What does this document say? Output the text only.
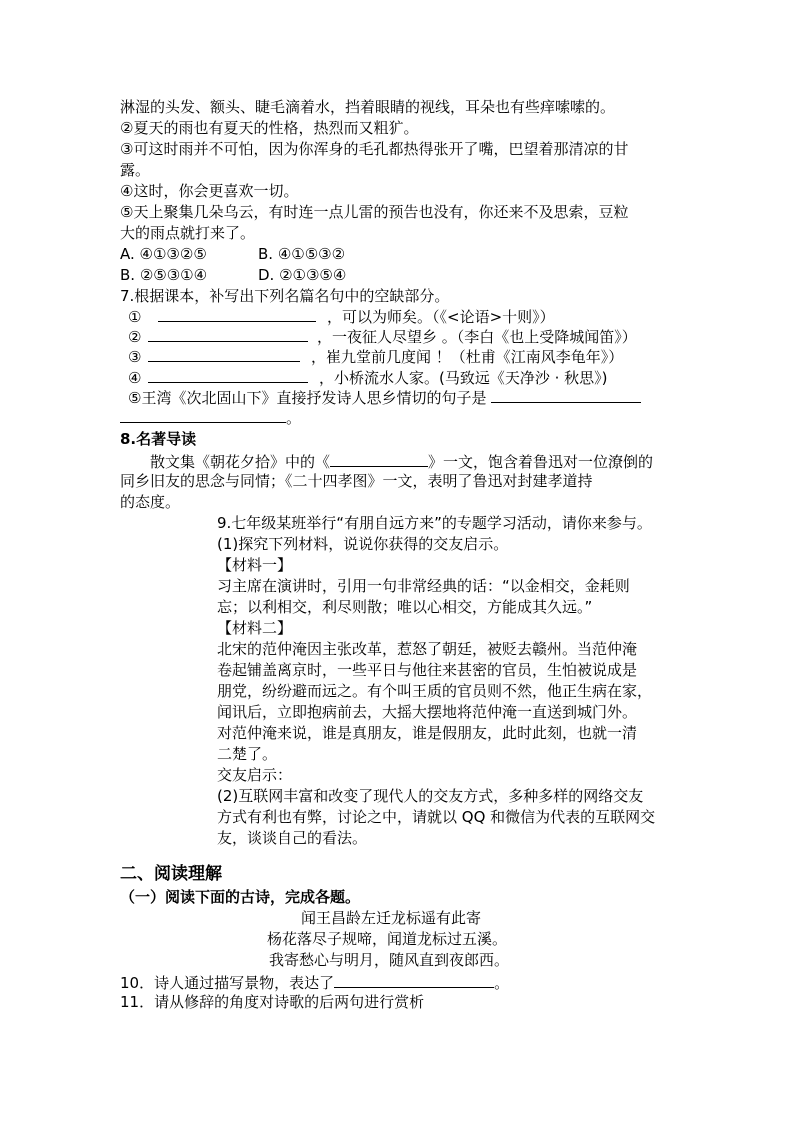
淋湿的头发、额头、睫毛滴着水，挡着眼睛的视线，耳朵也有些痒嗦嗦的。
②夏天的雨也有夏天的性格，热烈而又粗犷。
③可这时雨并不可怕，因为你浑身的毛孔都热得张开了嘴，巴望着那清凉的甘
露。
④这时，你会更喜欢一切。
⑤天上聚集几朵乌云，有时连一点儿雷的预告也没有，你还来不及思索，豆粒
大的雨点就打来了。
A. ④①③②⑤	B. ④①⑤③②
B. ②⑤③①④	D. ②①③⑤④
7.根据课本，补写出下列名篇名句中的空缺部分。
①	，可以为师矣。（《<论语>十则》）
②	，一夜征人尽望乡 。（李白《也上受降城闻笛》）
③	，崔九堂前几度闻 ！（杜甫《江南风李龟年》）
④	，小桥流水人家。(马致远《天净沙 · 秋思》)
⑤王湾《次北固山下》直接抒发诗人思乡情切的句子是
。
8.名著导读
散文集《朝花夕拾》中的《	》一文，饱含着鲁迅对一位潦倒的
同乡旧友的思念与同情；《二十四孝图》一文，表明了鲁迅对封建孝道持
的态度。
9.七年级某班举行“有朋自远方来”的专题学习活动，请你来参与。
(1)探究下列材料，说说你获得的交友启示。
【材料一】
习主席在演讲时，引用一句非常经典的话：“以金相交，金耗则
忘；以利相交，利尽则散；唯以心相交，方能成其久远。”
【材料二】
北宋的范仲淹因主张改革，惹怒了朝廷，被贬去赣州。当范仲淹
卷起铺盖离京时，一些平日与他往来甚密的官员，生怕被说成是
朋党，纷纷避而远之。有个叫王质的官员则不然，他正生病在家，
闻讯后，立即抱病前去，大摇大摆地将范仲淹一直送到城门外。
对范仲淹来说，谁是真朋友，谁是假朋友，此时此刻，也就一清
二楚了。
交友启示：
(2)互联网丰富和改变了现代人的交友方式，多种多样的网络交友
方式有利也有弊，讨论之中，请就以 QQ 和微信为代表的互联网交
友，谈谈自己的看法。
二、阅读理解
（一）阅读下面的古诗，完成各题。
闻王昌龄左迁龙标遥有此寄
杨花落尽子规啼，闻道龙标过五溪。
我寄愁心与明月，随风直到夜郎西。
10．诗人通过描写景物，表达了	。
11．请从修辞的角度对诗歌的后两句进行赏析
